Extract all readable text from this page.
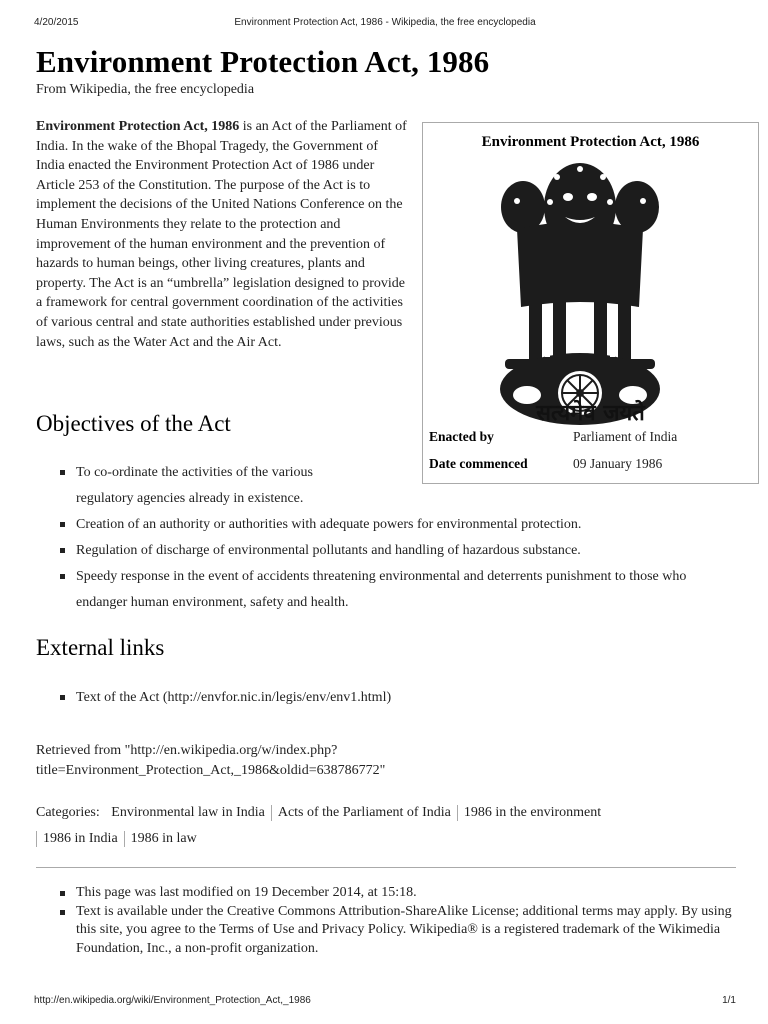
4/20/2015	Environment Protection Act, 1986 - Wikipedia, the free encyclopedia
Environment Protection Act, 1986
From Wikipedia, the free encyclopedia

Environment Protection Act, 1986 is an Act of the Parliament of India. In the wake of the Bhopal Tragedy, the Government of India enacted the Environment Protection Act of 1986 under Article 253 of the Constitution. The purpose of the Act is to implement the decisions of the United Nations Conference on the Human Environments they relate to the protection and improvement of the human environment and the prevention of hazards to human beings, other living creatures, plants and property. The Act is an “umbrella” legislation designed to provide a framework for central government coordination of the activities of various central and state authorities established under previous laws, such as the Water Act and the Air Act.

Environment Protection Act, 1986
सत्यमेव जयते
Enacted by	Parliament of India
Date commenced	09 January 1986
Objectives of the Act
To co-ordinate the activities of the various regulatory agencies already in existence.
Creation of an authority or authorities with adequate powers for environmental protection.
Regulation of discharge of environmental pollutants and handling of hazardous substance.
Speedy response in the event of accidents threatening environmental and deterrents punishment to those who endanger human environment, safety and health.
External links
Text of the Act (http://envfor.nic.in/legis/env/env1.html)
Retrieved from "http://en.wikipedia.org/w/index.php?title=Environment_Protection_Act,_1986&oldid=638786772"
Categories: Environmental law in India Acts of the Parliament of India 1986 in the environment
1986 in India 1986 in law
This page was last modified on 19 December 2014, at 15:18.
Text is available under the Creative Commons Attribution-ShareAlike License; additional terms may apply. By using this site, you agree to the Terms of Use and Privacy Policy. Wikipedia® is a registered trademark of the Wikimedia Foundation, Inc., a non-profit organization.
http://en.wikipedia.org/wiki/Environment_Protection_Act,_1986	1/1
